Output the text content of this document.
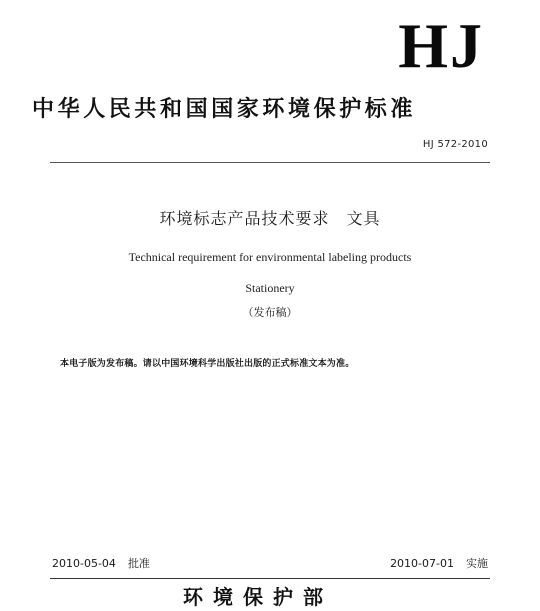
HJ
中华人民共和国国家环境保护标准
HJ 572-2010
环境标志产品技术要求　文具
Technical requirement for environmental labeling products
Stationery
（发布稿）
本电子版为发布稿。请以中国环境科学出版社出版的正式标准文本为准。
2010-05-04 批准	2010-07-01 实施
环境保护部
